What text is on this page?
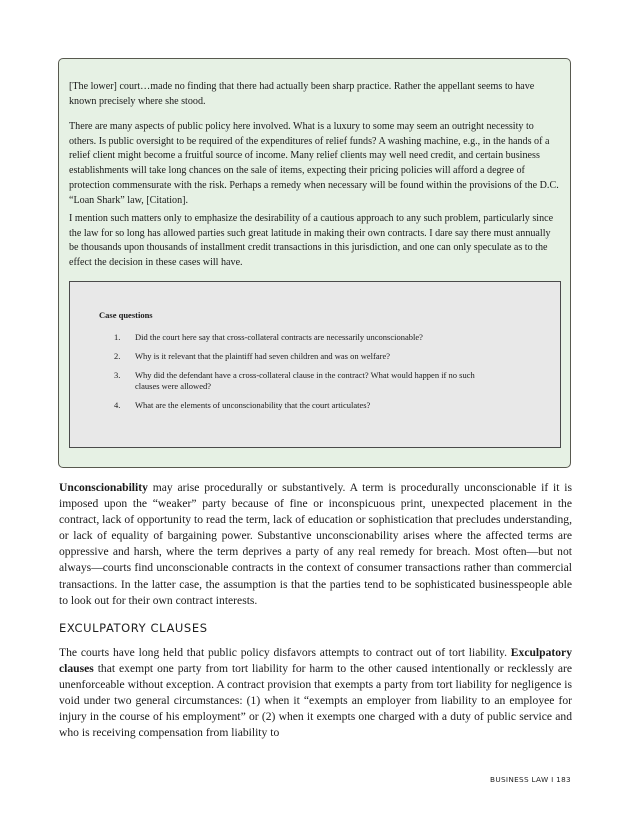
[The lower] court…made no finding that there had actually been sharp practice. Rather the appellant seems to have known precisely where she stood.

There are many aspects of public policy here involved. What is a luxury to some may seem an outright necessity to others. Is public oversight to be required of the expenditures of relief funds? A washing machine, e.g., in the hands of a relief client might become a fruitful source of income. Many relief clients may well need credit, and certain business establishments will take long chances on the sale of items, expecting their pricing policies will afford a degree of protection commensurate with the risk. Perhaps a remedy when necessary will be found within the provisions of the D.C. “Loan Shark” law, [Citation].

I mention such matters only to emphasize the desirability of a cautious approach to any such problem, particularly since the law for so long has allowed parties such great latitude in making their own contracts. I dare say there must annually be thousands upon thousands of installment credit transactions in this jurisdiction, and one can only speculate as to the effect the decision in these cases will have.

Case questions

1.	Did the court here say that cross-collateral contracts are necessarily unconscionable?
2.	Why is it relevant that the plaintiff had seven children and was on welfare?
3.	Why did the defendant have a cross-collateral clause in the contract? What would happen if no such clauses were allowed?
4.	What are the elements of unconscionability that the court articulates?

Unconscionability may arise procedurally or substantively. A term is procedurally unconscionable if it is imposed upon the “weaker” party because of fine or inconspicuous print, unexpected placement in the contract, lack of opportunity to read the term, lack of education or sophistication that precludes understanding, or lack of equality of bargaining power. Substantive unconscionability arises where the affected terms are oppressive and harsh, where the term deprives a party of any real remedy for breach. Most often—but not always—courts find unconscionable contracts in the context of consumer transactions rather than commercial transactions. In the latter case, the assumption is that the parties tend to be sophisticated businesspeople able to look out for their own contract interests.

EXCULPATORY CLAUSES

The courts have long held that public policy disfavors attempts to contract out of tort liability. Exculpatory clauses that exempt one party from tort liability for harm to the other caused intentionally or recklessly are unenforceable without exception. A contract provision that exempts a party from tort liability for negligence is void under two general circumstances: (1) when it “exempts an employer from liability to an employee for injury in the course of his employment” or (2) when it exempts one charged with a duty of public service and who is receiving compensation from liability to

BUSINESS LAW I 183
